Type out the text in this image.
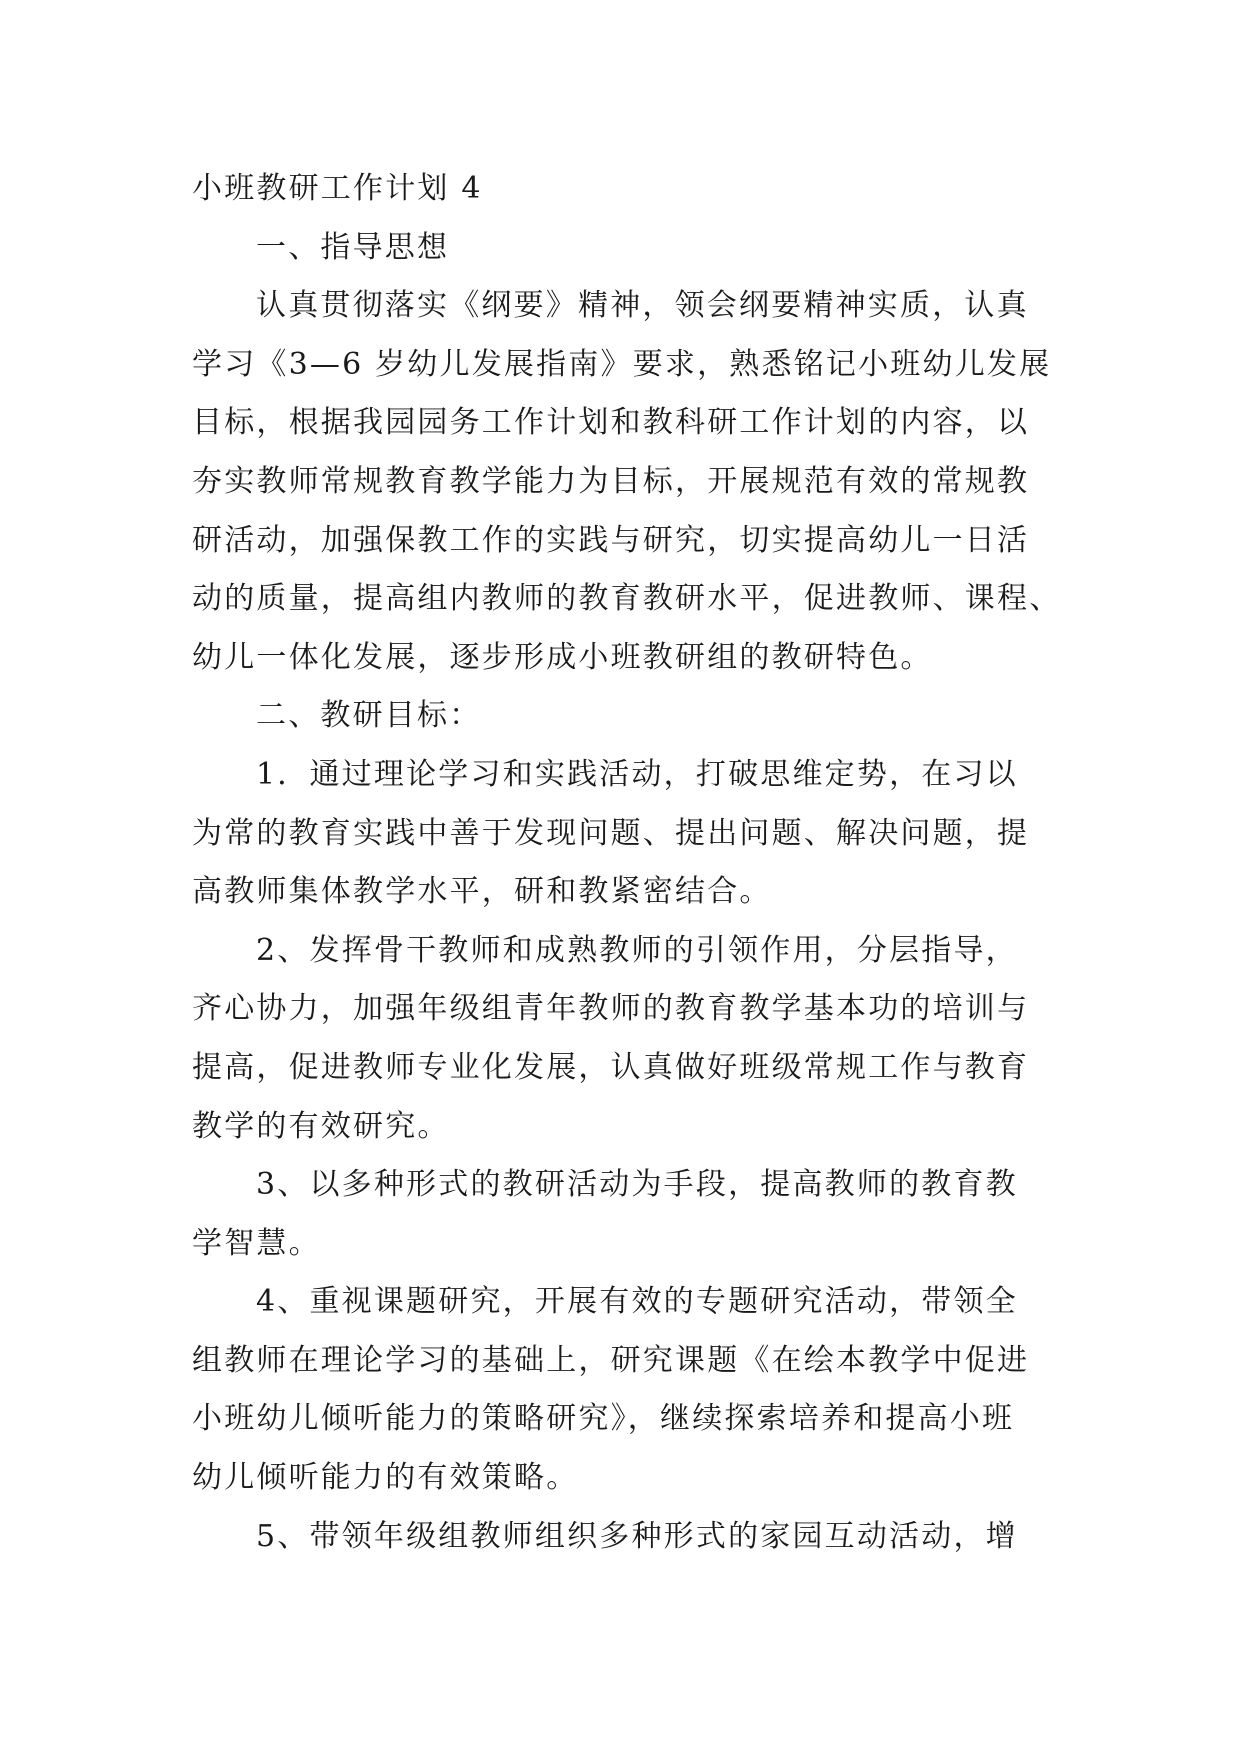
小班教研工作计划 4
一、指导思想
认真贯彻落实《纲要》精神，领会纲要精神实质，认真
学习《3—6 岁幼儿发展指南》要求，熟悉铭记小班幼儿发展
目标，根据我园园务工作计划和教科研工作计划的内容，以
夯实教师常规教育教学能力为目标，开展规范有效的常规教
研活动，加强保教工作的实践与研究，切实提高幼儿一日活
动的质量，提高组内教师的教育教研水平，促进教师、课程、
幼儿一体化发展，逐步形成小班教研组的教研特色。
二、教研目标：
1．通过理论学习和实践活动，打破思维定势，在习以
为常的教育实践中善于发现问题、提出问题、解决问题，提
高教师集体教学水平，研和教紧密结合。
2、发挥骨干教师和成熟教师的引领作用，分层指导，
齐心协力，加强年级组青年教师的教育教学基本功的培训与
提高，促进教师专业化发展，认真做好班级常规工作与教育
教学的有效研究。
3、以多种形式的教研活动为手段，提高教师的教育教
学智慧。
4、重视课题研究，开展有效的专题研究活动，带领全
组教师在理论学习的基础上，研究课题《在绘本教学中促进
小班幼儿倾听能力的策略研究》，继续探索培养和提高小班
幼儿倾听能力的有效策略。
5、带领年级组教师组织多种形式的家园互动活动，增
